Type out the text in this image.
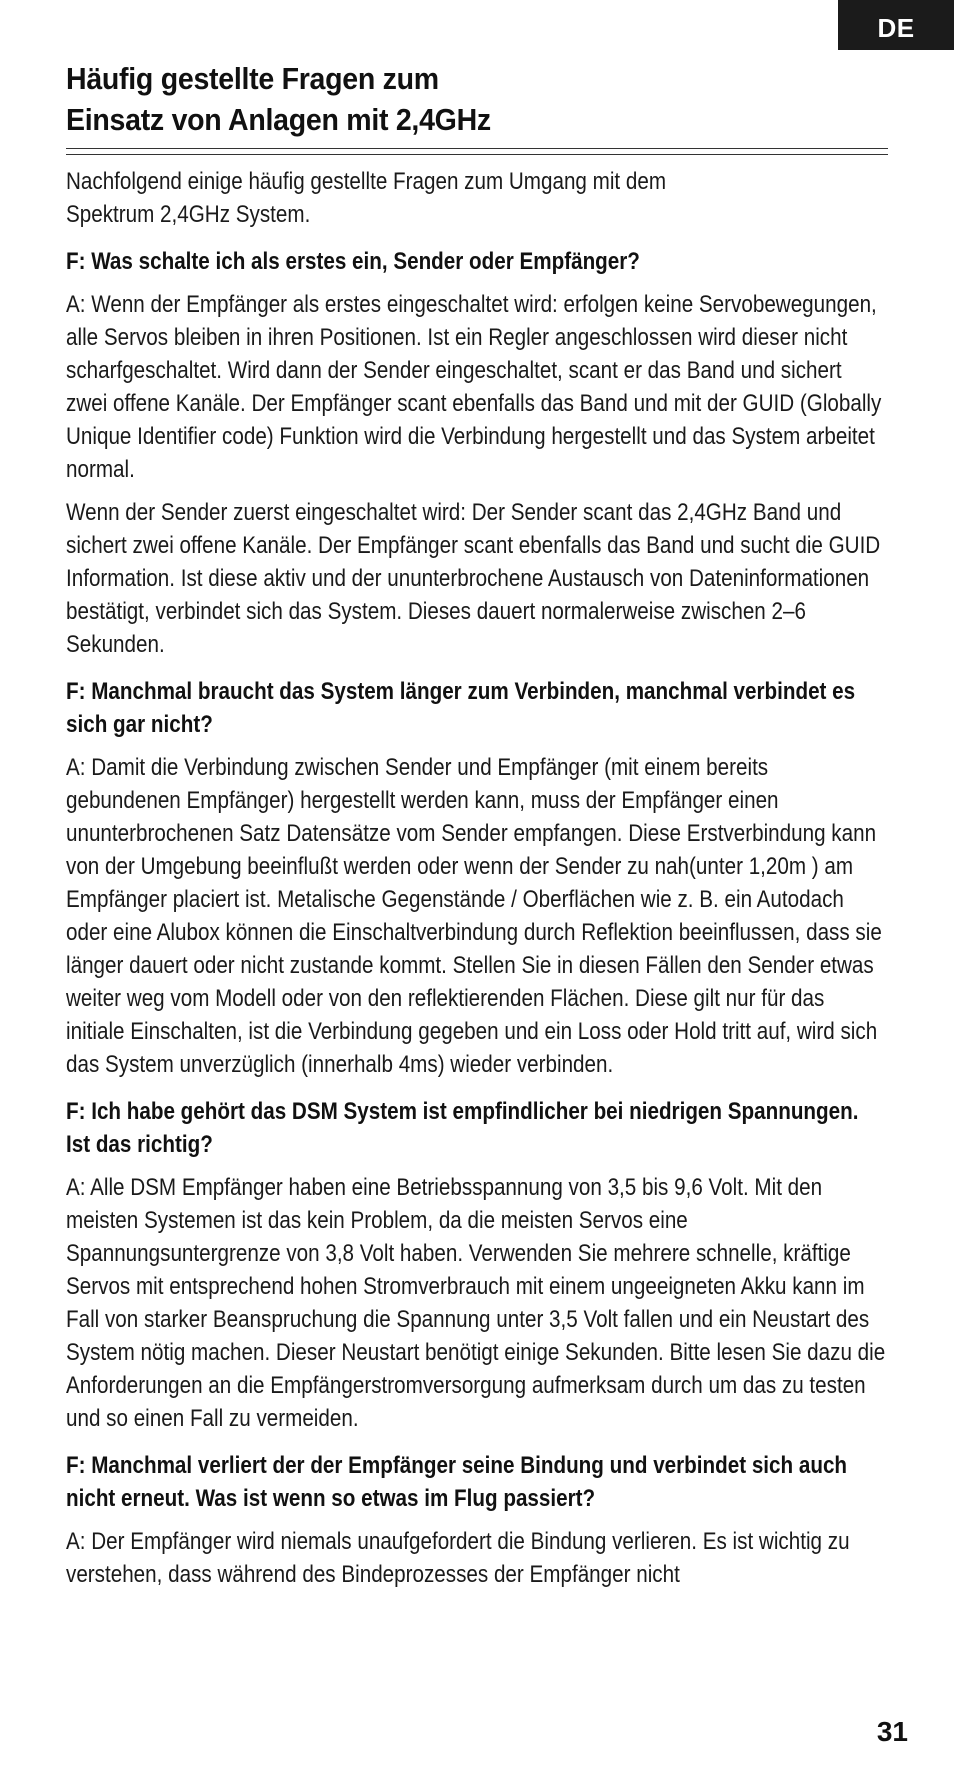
DE
Häufig gestellte Fragen zum
Einsatz von Anlagen mit 2,4GHz

Nachfolgend einige häufig gestellte Fragen zum Umgang mit dem Spektrum 2,4GHz System.

F: Was schalte ich als erstes ein, Sender oder Empfänger?

A: Wenn der Empfänger als erstes eingeschaltet wird: erfolgen keine Servobewegungen, alle Servos bleiben in ihren Positionen. Ist ein Regler angeschlossen wird dieser nicht scharfgeschaltet. Wird dann der Sender eingeschaltet, scant er das Band und sichert zwei offene Kanäle. Der Empfänger scant ebenfalls das Band und mit der GUID (Globally Unique Identifier code) Funktion wird die Verbindung hergestellt und das System arbeitet normal.

Wenn der Sender zuerst eingeschaltet wird: Der Sender scant das 2,4GHz Band und sichert zwei offene Kanäle. Der Empfänger scant ebenfalls das Band und sucht die GUID Information. Ist diese aktiv und der ununterbrochene Austausch von Dateninformationen bestätigt, verbindet sich das System. Dieses dauert normalerweise zwischen 2–6 Sekunden.

F: Manchmal braucht das System länger zum Verbinden, manchmal verbindet es sich gar nicht?

A: Damit die Verbindung zwischen Sender und Empfänger (mit einem bereits gebundenen Empfänger) hergestellt werden kann, muss der Empfänger einen ununterbrochenen Satz Datensätze vom Sender empfangen. Diese Erstverbindung kann von der Umgebung beeinflußt werden oder wenn der Sender zu nah(unter 1,20m ) am Empfänger placiert ist. Metalische Gegenstände / Oberflächen wie z. B. ein Autodach oder eine Alubox können die Einschaltverbindung durch Reflektion beeinflussen, dass sie länger dauert oder nicht zustande kommt. Stellen Sie in diesen Fällen den Sender etwas weiter weg vom Modell oder von den reflektierenden Flächen. Diese gilt nur für das initiale Einschalten, ist die Verbindung gegeben und ein Loss oder Hold tritt auf, wird sich das System unverzüglich (innerhalb 4ms) wieder verbinden.

F: Ich habe gehört das DSM System ist empfindlicher bei niedrigen Spannungen. Ist das richtig?

A: Alle DSM Empfänger haben eine Betriebsspannung von 3,5 bis 9,6 Volt. Mit den meisten Systemen ist das kein Problem, da die meisten Servos eine Spannungsuntergrenze von 3,8 Volt haben. Verwenden Sie mehrere schnelle, kräftige Servos mit entsprechend hohen Stromverbrauch mit einem ungeeigneten Akku kann im Fall von starker Beanspruchung die Spannung unter 3,5 Volt fallen und ein Neustart des System nötig machen. Dieser Neustart benötigt einige Sekunden. Bitte lesen Sie dazu die Anforderungen an die Empfängerstromversorgung aufmerksam durch um das zu testen und so einen Fall zu vermeiden.

F: Manchmal verliert der der Empfänger seine Bindung und verbindet sich auch nicht erneut. Was ist wenn so etwas im Flug passiert?

A: Der Empfänger wird niemals unaufgefordert die Bindung verlieren. Es ist wichtig zu verstehen, dass während des Bindeprozesses der Empfänger nicht

31
